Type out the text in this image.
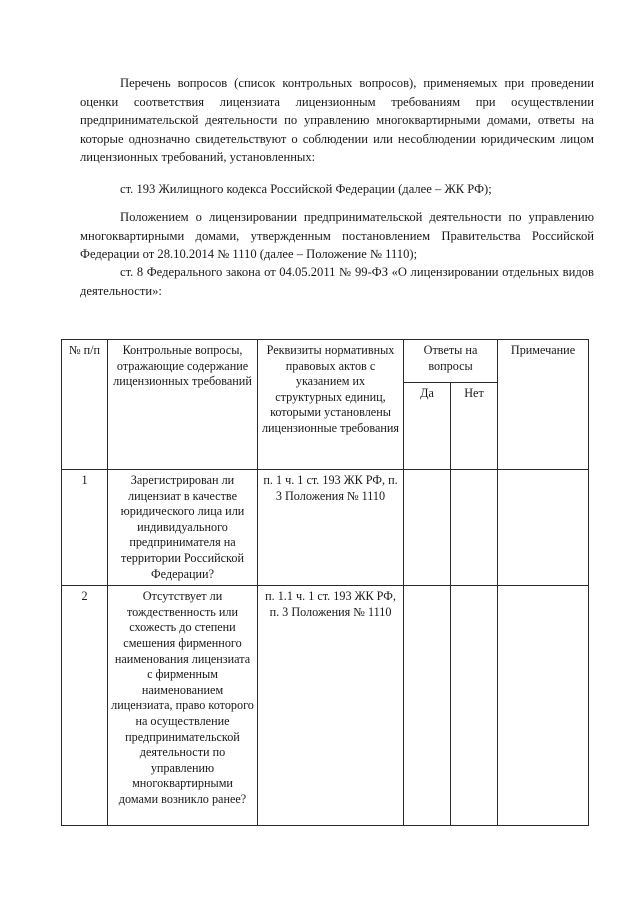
Перечень вопросов (список контрольных вопросов), применяемых при проведении оценки соответствия лицензиата лицензионным требованиям при осуществлении предпринимательской деятельности по управлению многоквартирными домами, ответы на которые однозначно свидетельствуют о соблюдении или несоблюдении юридическим лицом лицензионных требований, установленных:

ст. 193 Жилищного кодекса Российской Федерации (далее – ЖК РФ);

Положением о лицензировании предпринимательской деятельности по управлению многоквартирными домами, утвержденным постановлением Правительства Российской Федерации от 28.10.2014 № 1110 (далее – Положение № 1110);

ст. 8 Федерального закона от 04.05.2011 № 99-ФЗ «О лицензировании отдельных видов деятельности»:

№ п/п	Контрольные вопросы, отражающие содержание лицензионных требований	Реквизиты нормативных правовых актов с указанием их структурных единиц, которыми установлены лицензионные требования	Ответы на вопросы		Примечание
			Да	Нет	
1	Зарегистрирован ли лицензиат в качестве юридического лица или индивидуального предпринимателя на территории Российской Федерации?	п. 1 ч. 1 ст. 193 ЖК РФ, п. 3 Положения № 1110			
2	Отсутствует ли тождественность или схожесть до степени смешения фирменного наименования лицензиата с фирменным наименованием лицензиата, право которого на осуществление предпринимательской деятельности по управлению многоквартирными домами возникло ранее?	п. 1.1 ч. 1 ст. 193 ЖК РФ, п. 3 Положения № 1110			
